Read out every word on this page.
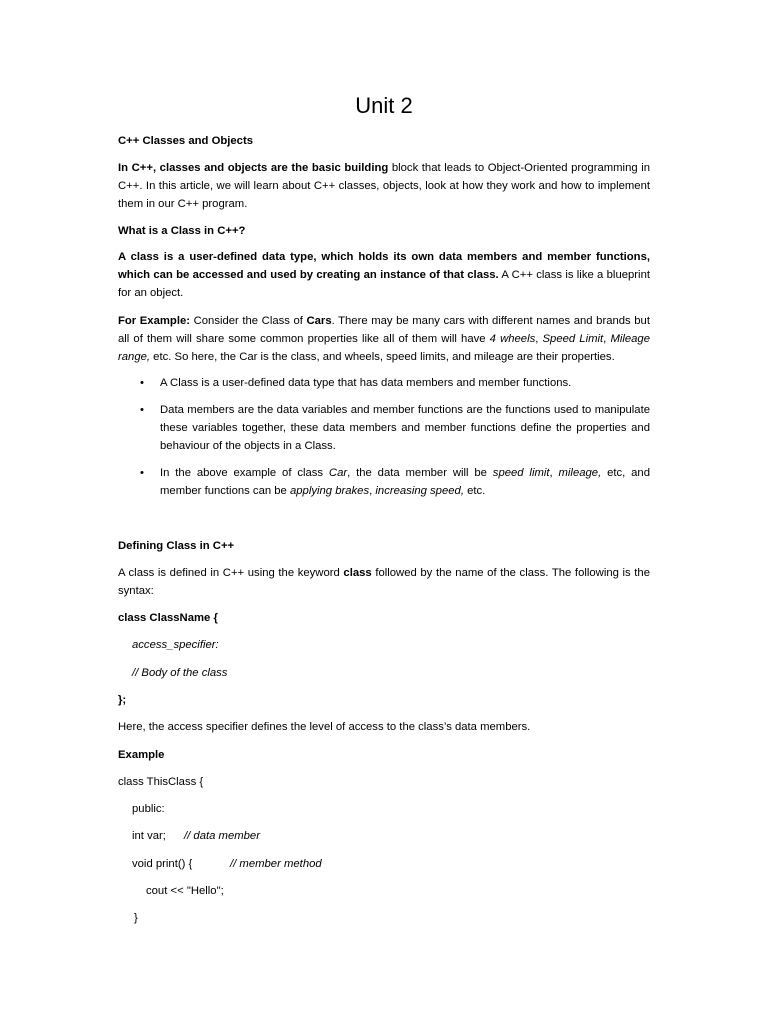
Unit 2
C++ Classes and Objects

In C++, classes and objects are the basic building block that leads to Object-Oriented programming in C++. In this article, we will learn about C++ classes, objects, look at how they work and how to implement them in our C++ program.

What is a Class in C++?

A class is a user-defined data type, which holds its own data members and member functions, which can be accessed and used by creating an instance of that class. A C++ class is like a blueprint for an object.

For Example: Consider the Class of Cars. There may be many cars with different names and brands but all of them will share some common properties like all of them will have 4 wheels, Speed Limit, Mileage range, etc. So here, the Car is the class, and wheels, speed limits, and mileage are their properties.

• A Class is a user-defined data type that has data members and member functions.
• Data members are the data variables and member functions are the functions used to manipulate these variables together, these data members and member functions define the properties and behaviour of the objects in a Class.
• In the above example of class Car, the data member will be speed limit, mileage, etc, and member functions can be applying brakes, increasing speed, etc.
Defining Class in C++

A class is defined in C++ using the keyword class followed by the name of the class. The following is the syntax:

class ClassName {
access_specifier:
// Body of the class
};

Here, the access specifier defines the level of access to the class’s data members.

Example
class ThisClass {
public:
int var; // data member
void print() {	// member method
cout << "Hello";
}
